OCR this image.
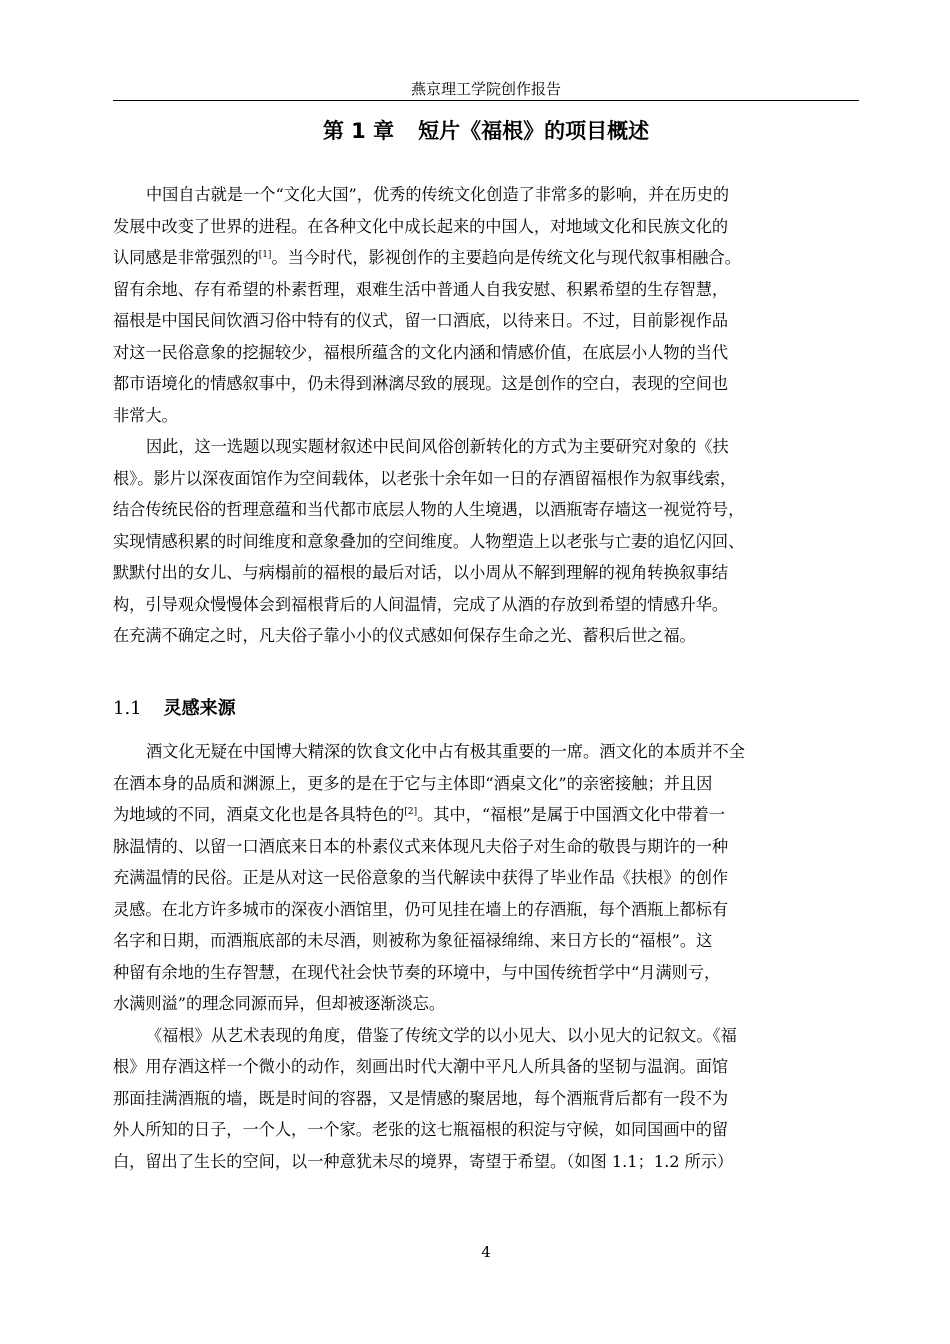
燕京理工学院创作报告
第 1 章 短片《福根》的项目概述
中国自古就是一个“文化大国”，优秀的传统文化创造了非常多的影响，并在历史的
发展中改变了世界的进程。在各种文化中成长起来的中国人，对地域文化和民族文化的
认同感是非常强烈的[1]。当今时代，影视创作的主要趋向是传统文化与现代叙事相融合。
留有余地、存有希望的朴素哲理，艰难生活中普通人自我安慰、积累希望的生存智慧，
福根是中国民间饮酒习俗中特有的仪式，留一口酒底，以待来日。不过，目前影视作品
对这一民俗意象的挖掘较少，福根所蕴含的文化内涵和情感价值，在底层小人物的当代
都市语境化的情感叙事中，仍未得到淋漓尽致的展现。这是创作的空白，表现的空间也
非常大。
因此，这一选题以现实题材叙述中民间风俗创新转化的方式为主要研究对象的《扶
根》。影片以深夜面馆作为空间载体，以老张十余年如一日的存酒留福根作为叙事线索，
结合传统民俗的哲理意蕴和当代都市底层人物的人生境遇，以酒瓶寄存墙这一视觉符号，
实现情感积累的时间维度和意象叠加的空间维度。人物塑造上以老张与亡妻的追忆闪回、
默默付出的女儿、与病榻前的福根的最后对话，以小周从不解到理解的视角转换叙事结
构，引导观众慢慢体会到福根背后的人间温情，完成了从酒的存放到希望的情感升华。
在充满不确定之时，凡夫俗子靠小小的仪式感如何保存生命之光、蓄积后世之福。
1.1 灵感来源
酒文化无疑在中国博大精深的饮食文化中占有极其重要的一席。酒文化的本质并不全
在酒本身的品质和渊源上，更多的是在于它与主体即“酒桌文化”的亲密接触；并且因
为地域的不同，酒桌文化也是各具特色的[2]。其中，“福根”是属于中国酒文化中带着一
脉温情的、以留一口酒底来日本的朴素仪式来体现凡夫俗子对生命的敬畏与期许的一种
充满温情的民俗。正是从对这一民俗意象的当代解读中获得了毕业作品《扶根》的创作
灵感。在北方许多城市的深夜小酒馆里，仍可见挂在墙上的存酒瓶，每个酒瓶上都标有
名字和日期，而酒瓶底部的未尽酒，则被称为象征福禄绵绵、来日方长的“福根”。这
种留有余地的生存智慧，在现代社会快节奏的环境中，与中国传统哲学中“月满则亏，
水满则溢”的理念同源而异，但却被逐渐淡忘。
《福根》从艺术表现的角度，借鉴了传统文学的以小见大、以小见大的记叙文。《福
根》用存酒这样一个微小的动作，刻画出时代大潮中平凡人所具备的坚韧与温润。面馆
那面挂满酒瓶的墙，既是时间的容器，又是情感的聚居地，每个酒瓶背后都有一段不为
外人所知的日子，一个人，一个家。老张的这七瓶福根的积淀与守候，如同国画中的留
白，留出了生长的空间，以一种意犹未尽的境界，寄望于希望。（如图 1.1；1.2 所示）
4
